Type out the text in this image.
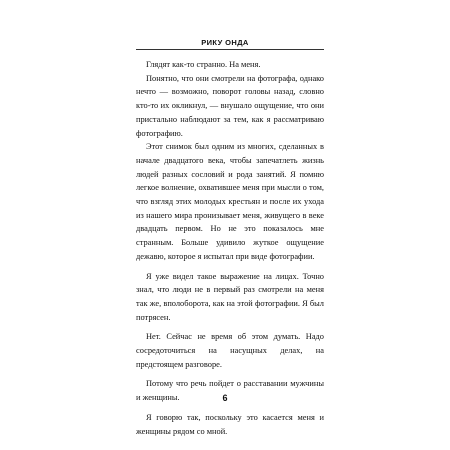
РИКУ ОНДА

Глядят как-то странно. На меня.

Понятно, что они смотрели на фотографа, однако нечто — возможно, поворот головы назад, словно кто-то их окликнул, — внушало ощущение, что они пристально наблюдают за тем, как я рассматриваю фотографию.

Этот снимок был одним из многих, сделанных в начале двадцатого века, чтобы запечатлеть жизнь людей разных сословий и рода занятий. Я помню легкое волнение, охватившее меня при мысли о том, что взгляд этих молодых крестьян и после их ухода из нашего мира пронизывает меня, живущего в веке двадцать первом. Но не это показалось мне странным. Больше удивило жуткое ощущение дежавю, которое я испытал при виде фотографии.

Я уже видел такое выражение на лицах. Точно знал, что люди не в первый раз смотрели на меня так же, вполоборота, как на этой фотографии. Я был потрясен.

Нет. Сейчас не время об этом думать. Надо сосредоточиться на насущных делах, на предстоящем разговоре.

Потому что речь пойдет о расставании мужчины и женщины.

Я говорю так, поскольку это касается меня и женщины рядом со мной.

6
